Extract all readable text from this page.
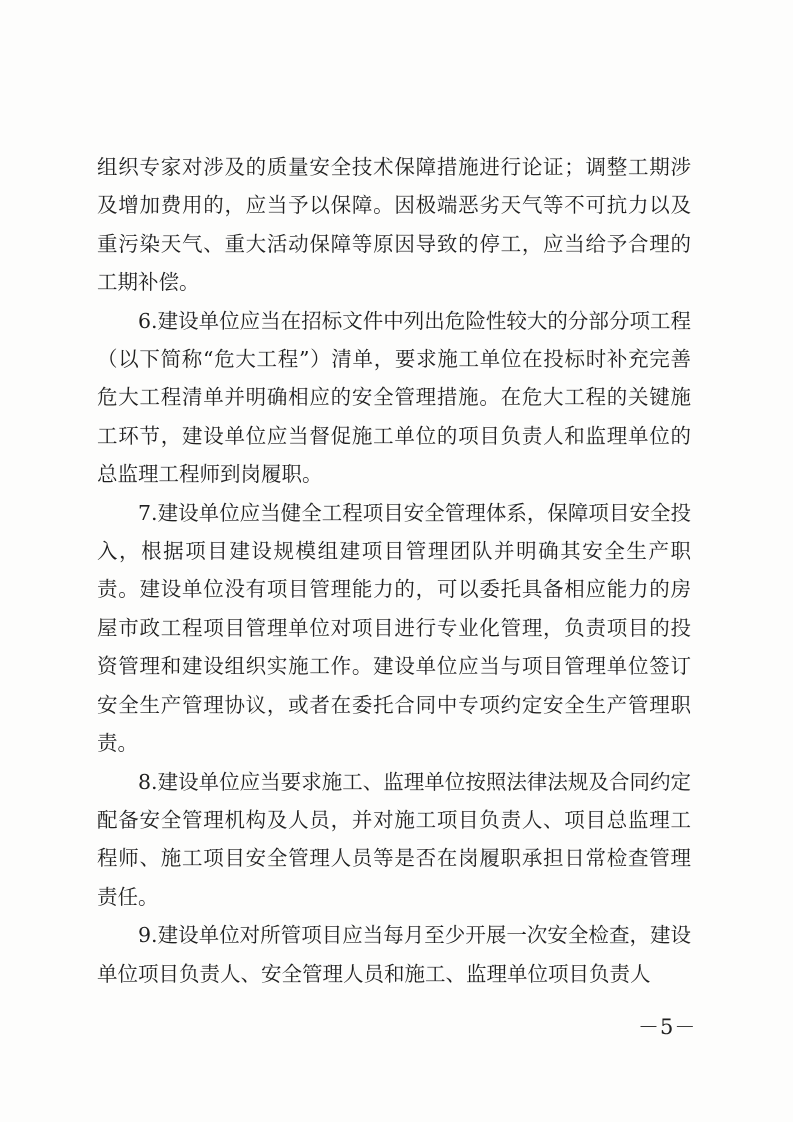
组织专家对涉及的质量安全技术保障措施进行论证；调整工期涉及增加费用的，应当予以保障。因极端恶劣天气等不可抗力以及重污染天气、重大活动保障等原因导致的停工，应当给予合理的工期补偿。

6.建设单位应当在招标文件中列出危险性较大的分部分项工程（以下简称“危大工程”）清单，要求施工单位在投标时补充完善危大工程清单并明确相应的安全管理措施。在危大工程的关键施工环节，建设单位应当督促施工单位的项目负责人和监理单位的总监理工程师到岗履职。

7.建设单位应当健全工程项目安全管理体系，保障项目安全投入，根据项目建设规模组建项目管理团队并明确其安全生产职责。建设单位没有项目管理能力的，可以委托具备相应能力的房屋市政工程项目管理单位对项目进行专业化管理，负责项目的投资管理和建设组织实施工作。建设单位应当与项目管理单位签订安全生产管理协议，或者在委托合同中专项约定安全生产管理职责。

8.建设单位应当要求施工、监理单位按照法律法规及合同约定配备安全管理机构及人员，并对施工项目负责人、项目总监理工程师、施工项目安全管理人员等是否在岗履职承担日常检查管理责任。

9.建设单位对所管项目应当每月至少开展一次安全检查，建设单位项目负责人、安全管理人员和施工、监理单位项目负责人

－5－
